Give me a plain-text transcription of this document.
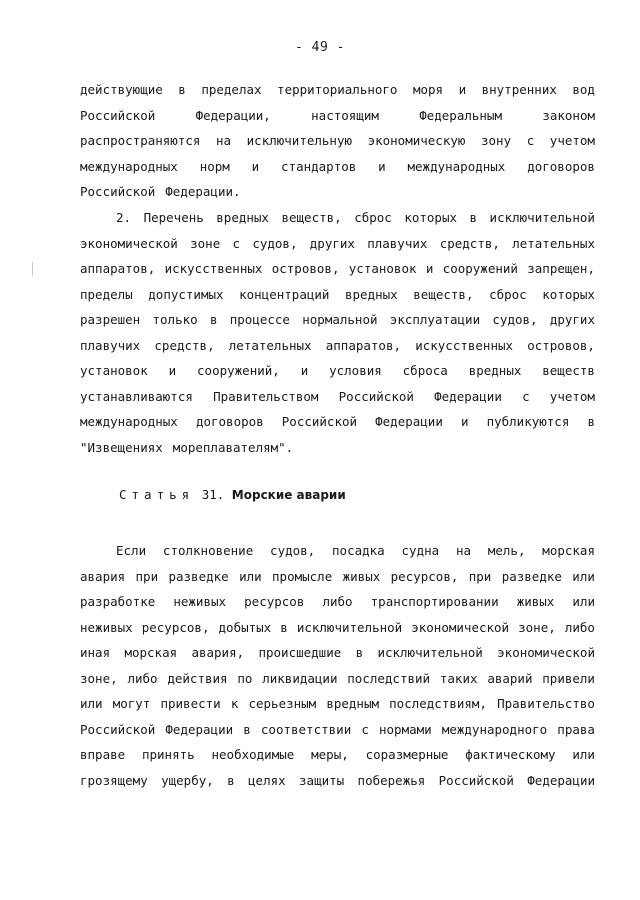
- 49 -
действующие в пределах территориального моря и внутренних вод
Российской	Федерации,	настоящим	Федеральным	законом
распространяются на исключительную экономическую зону с учетом
международных норм и стандартов и международных договоров
Российской Федерации.
2. Перечень вредных веществ, сброс которых в исключительной
экономической зоне с судов, других плавучих средств, летательных
аппаратов, искусственных островов, установок и сооружений запрещен,
пределы допустимых концентраций вредных веществ, сброс которых
разрешен только в процессе нормальной эксплуатации судов, других
плавучих средств, летательных аппаратов, искусственных островов,
установок и сооружений, и условия сброса вредных веществ
устанавливаются Правительством Российской Федерации с учетом
международных договоров Российской Федерации и публикуются в
"Извещениях мореплавателям".
Статья 31. Морские аварии
Если столкновение судов, посадка судна на мель, морская
авария при разведке или промысле живых ресурсов, при разведке или
разработке неживых ресурсов либо транспортировании живых или
неживых ресурсов, добытых в исключительной экономической зоне, либо
иная морская авария, происшедшие в исключительной экономической
зоне, либо действия по ликвидации последствий таких аварий привели
или могут привести к серьезным вредным последствиям, Правительство
Российской Федерации в соответствии с нормами международного права
вправе принять необходимые меры, соразмерные фактическому или
грозящему ущербу, в целях защиты побережья Российской Федерации
